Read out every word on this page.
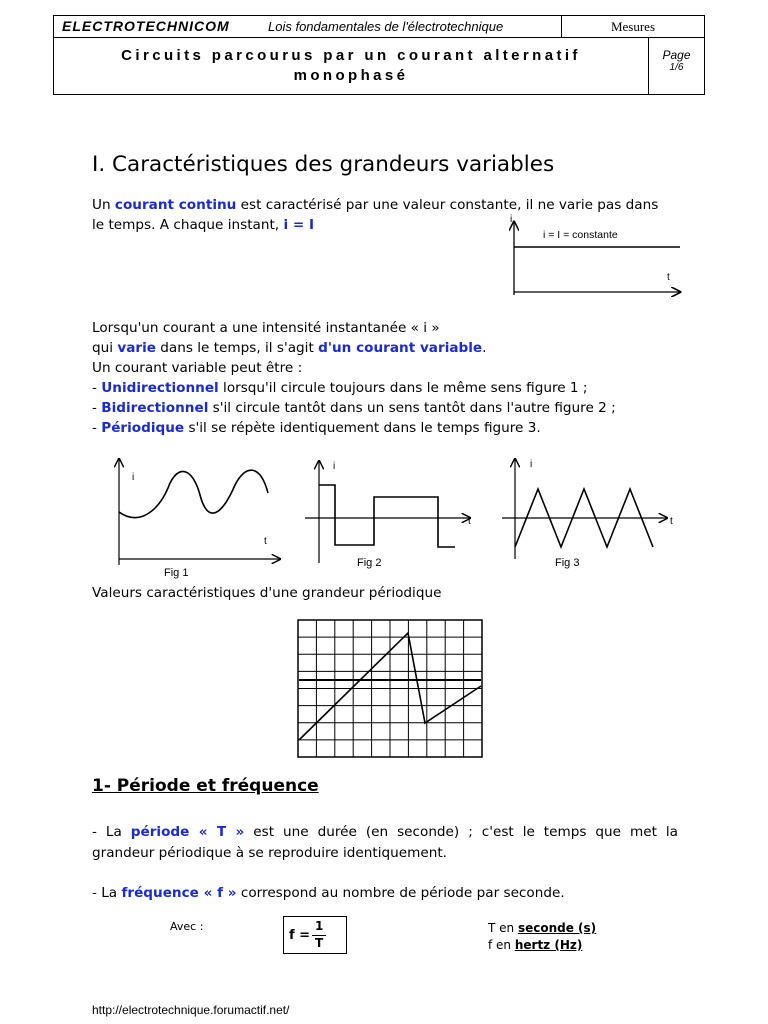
ELECTROTECHNICOM	Lois fondamentales de l'électrotechnique	Mesures
Circuits parcourus par un courant alternatif
monophasé
Page
1/6
I. Caractéristiques des grandeurs variables
Un courant continu est caractérisé par une valeur constante, il ne varie pas dans
le temps. A chaque instant, i = I	i
t
i = I = constante
Lorsqu'un courant a une intensité instantanée « i »
qui varie dans le temps, il s'agit d'un courant variable.
Un courant variable peut être :
- Unidirectionnel lorsqu'il circule toujours dans le même sens figure 1 ;
- Bidirectionnel s'il circule tantôt dans un sens tantôt dans l'autre figure 2 ;
- Périodique s'il se répète identiquement dans le temps figure 3.
i
t
Fig 1
i
t
Fig 2
i
t
Fig 3
Valeurs caractéristiques d'une grandeur périodique
1- Période et fréquence
- La période « T » est une durée (en seconde) ; c'est le temps que met la
grandeur périodique à se reproduire identiquement.
- La fréquence « f » correspond au nombre de période par seconde.
Avec :
f =
1
T
T en seconde (s)
f en hertz (Hz)
http://electrotechnique.forumactif.net/
